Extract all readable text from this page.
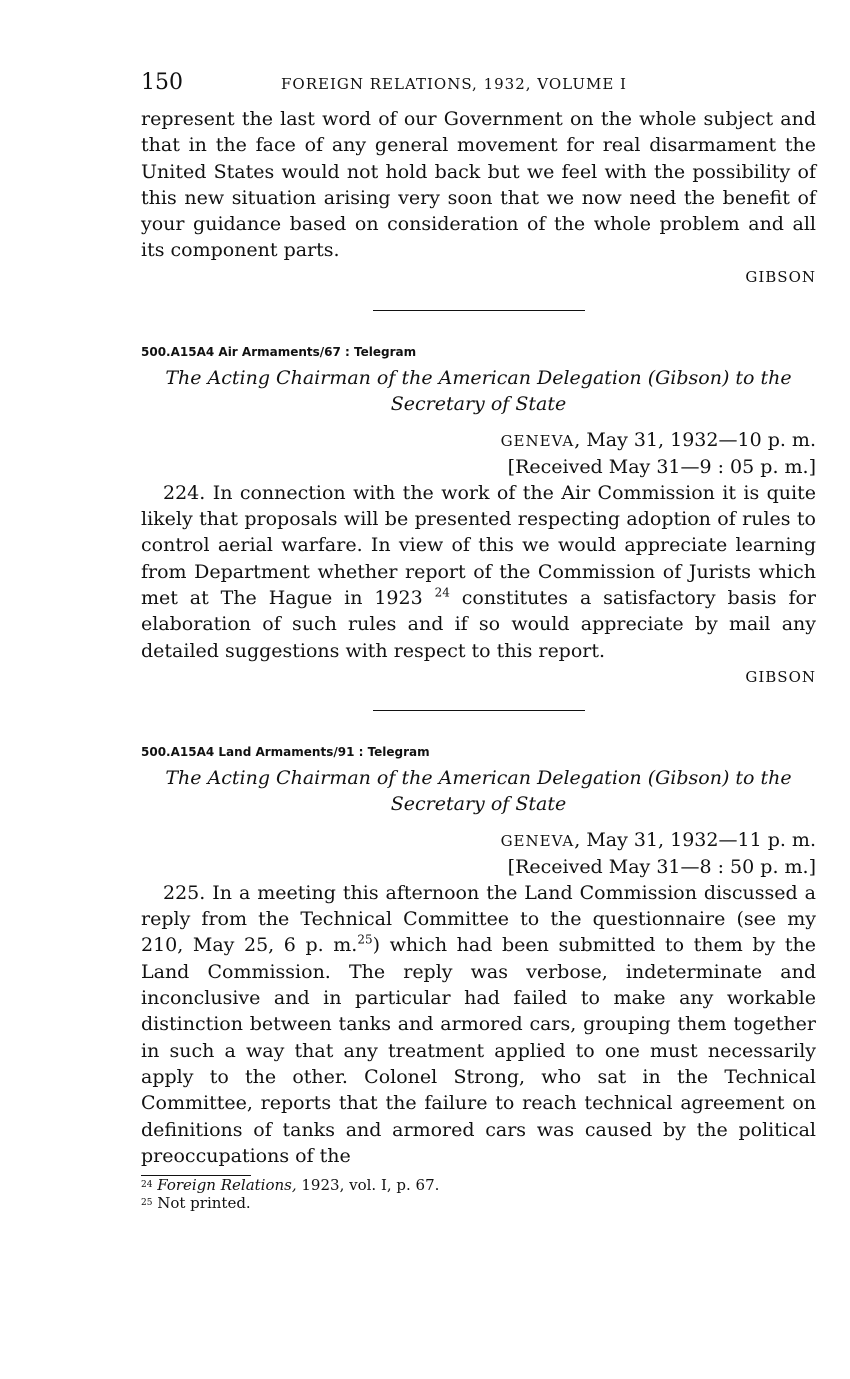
150	FOREIGN RELATIONS, 1932, VOLUME I

represent the last word of our Government on the whole subject and that in the face of any general movement for real disarmament the United States would not hold back but we feel with the possibility of this new situation arising very soon that we now need the benefit of your guidance based on consideration of the whole problem and all its component parts.

GIBSON
500.A15A4 Air Armaments/67 : Telegram
The Acting Chairman of the American Delegation (Gibson) to the
Secretary of State
GENEVA, May 31, 1932—10 p. m.
[Received May 31—9 : 05 p. m.]

224. In connection with the work of the Air Commission it is quite likely that proposals will be presented respecting adoption of rules to control aerial warfare. In view of this we would appreciate learning from Department whether report of the Commission of Jurists which met at The Hague in 1923 $^{24}$ constitutes a satisfactory basis for elaboration of such rules and if so would appreciate by mail any detailed suggestions with respect to this report.

GIBSON
500.A15A4 Land Armaments/91 : Telegram
The Acting Chairman of the American Delegation (Gibson) to the
Secretary of State
GENEVA, May 31, 1932—11 p. m.
[Received May 31—8 : 50 p. m.]

225. In a meeting this afternoon the Land Commission discussed a reply from the Technical Committee to the questionnaire (see my 210, May 25, 6 p. m.$^{25}$) which had been submitted to them by the Land Commission. The reply was verbose, indeterminate and inconclusive and in particular had failed to make any workable distinction between tanks and armored cars, grouping them together in such a way that any treatment applied to one must necessarily apply to the other. Colonel Strong, who sat in the Technical Committee, reports that the failure to reach technical agreement on definitions of tanks and armored cars was caused by the political preoccupations of the

$^{24}$ Foreign Relations, 1923, vol. I, p. 67.
$^{25}$ Not printed.
